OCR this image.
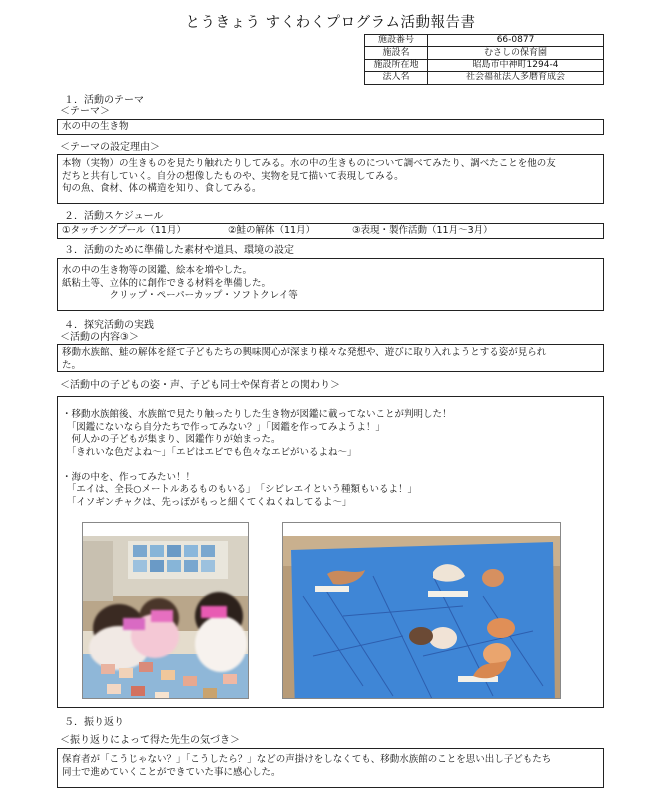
とうきょう すくわくプログラム活動報告書
施設番号	66-0877
施設名	むさしの保育園
施設所在地	昭島市中神町1294-4
法人名	社会福祉法人多磨育成会
１．活動のテーマ
＜テーマ＞
水の中の生き物
＜テーマの設定理由＞
本物（実物）の生きものを見たり触れたりしてみる。水の中の生きものについて調べてみたり、調べたことを他の友
だちと共有していく。自分の想像したものや、実物を見て描いて表現してみる。
旬の魚、食材、体の構造を知り、食してみる。
２．活動スケジュール
①タッチングプール（11月）	②鮭の解体（11月）	③表現・製作活動（11月～3月）
３．活動のために準備した素材や道具、環境の設定
水の中の生き物等の図鑑、絵本を増やした。
紙粘土等、立体的に創作できる材料を準備した。
　　　　　クリップ・ペーパーカップ・ソフトクレイ等
４．探究活動の実践
＜活動の内容③＞
移動水族館、鮭の解体を経て子どもたちの興味関心が深まり様々な発想や、遊びに取り入れようとする姿が見られ
た。
＜活動中の子どもの姿・声、子ども同士や保育者との関わり＞

・移動水族館後、水族館で見たり触ったりした生き物が図鑑に載ってないことが判明した！
　「図鑑にないなら自分たちで作ってみない？」「図鑑を作ってみようよ！」
　何人かの子どもが集まり、図鑑作りが始まった。
　「きれいな色だよね～」「エビはエビでも色々なエビがいるよね～」

・海の中を、作ってみたい！！
　「エイは、全長○メートルあるものもいる」　「シビレエイという種類もいるよ！」
　「イソギンチャクは、先っぽがもっと細くてくねくねしてるよ～」

５．振り返り
＜振り返りによって得た先生の気づき＞
保育者が「こうじゃない？」「こうしたら？」などの声掛けをしなくても、移動水族館のことを思い出し子どもたち
同士で進めていくことができていた事に感心した。
